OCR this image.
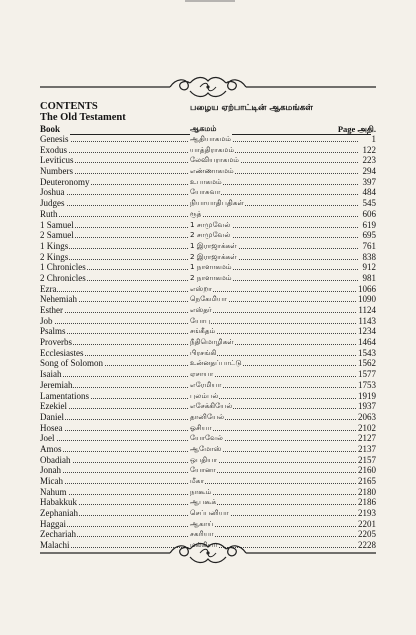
CONTENTS	பழைய ஏற்பாட்டின் ஆகமங்கள்
The Old Testament
Book	ஆகமம்	Page அதி.
Genesis	ஆதியாகமம்	1
Exodus	யாத்திராகமம்	122
Leviticus	லேவியராகமம்	223
Numbers	எண்ணாகமம்	294
Deuteronomy	உபாகமம்	397
Joshua	யோசுவா	484
Judges	நியாயாதிபதிகள்	545
Ruth	ரூத்	606
1 Samuel	1 சாமுவேல்	619
2 Samuel	2 சாமுவேல்	695
1 Kings	1 இராஜாக்கள்	761
2 Kings	2 இராஜாக்கள்	838
1 Chronicles	1 நாளாகமம்	912
2 Chronicles	2 நாளாகமம்	981
Ezra	எஸ்றா	1066
Nehemiah	நெகேமியா	1090
Esther	எஸ்தர்	1124
Job	யோபு	1143
Psalms	சங்கீதம்	1234
Proverbs	நீதிமொழிகள்	1464
Ecclesiastes	பிரசங்கி	1543
Song of Solomon	உன்னதப்பாட்டு	1562
Isaiah	ஏசாயா	1577
Jeremiah	எரேமியா	1753
Lamentations	புலம்பல்	1919
Ezekiel	எசேக்கியேல்	1937
Daniel	தானியேல்	2063
Hosea	ஓசியா	2102
Joel	யோவேல்	2127
Amos	ஆமோஸ்	2137
Obadiah	ஒபதியா	2157
Jonah	யோனா	2160
Micah	மீகா	2165
Nahum	நாகூம்	2180
Habakkuk	ஆபகூக்	2186
Zephaniah	செப்பனியா	2193
Haggai	ஆகாய்	2201
Zechariah	சகரியா	2205
Malachi	மல்கியா	2228
